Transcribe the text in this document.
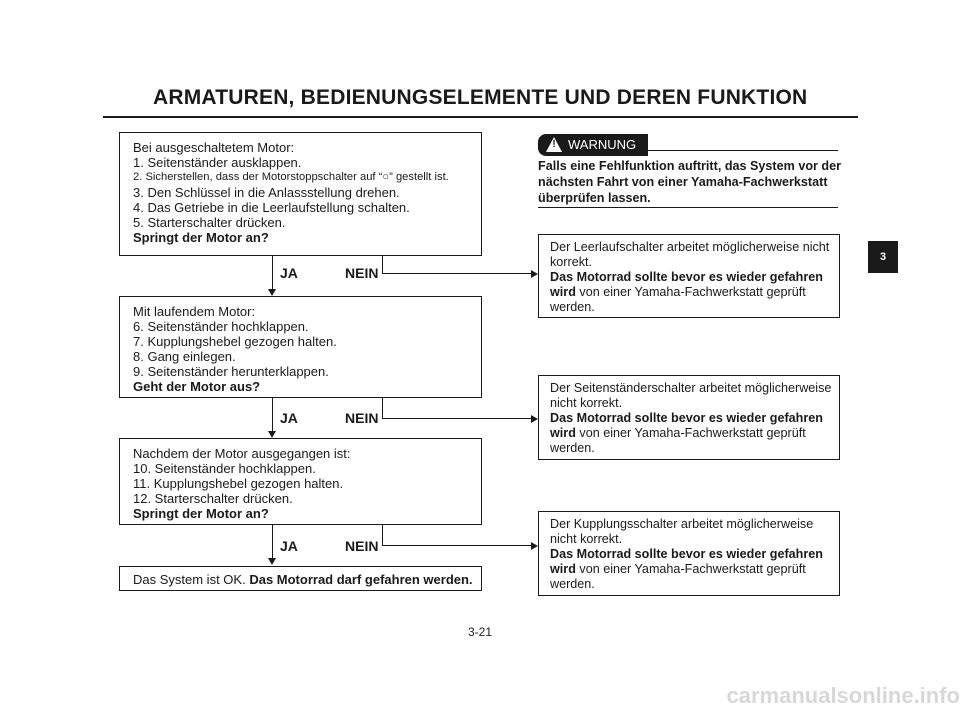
ARMATUREN, BEDIENUNGSELEMENTE UND DEREN FUNKTION
3
! WARNUNG
Falls eine Fehlfunktion auftritt, das System vor der nächsten Fahrt von einer Yamaha-Fachwerkstatt überprüfen lassen.
Bei ausgeschaltetem Motor:
1. Seitenständer ausklappen.
2. Sicherstellen, dass der Motorstoppschalter auf “○” gestellt ist.
3. Den Schlüssel in die Anlassstellung drehen.
4. Das Getriebe in die Leerlaufstellung schalten.
5. Starterschalter drücken.
Springt der Motor an?
JA	NEIN
Mit laufendem Motor:
6. Seitenständer hochklappen.
7. Kupplungshebel gezogen halten.
8. Gang einlegen.
9. Seitenständer herunterklappen.
Geht der Motor aus?
JA	NEIN
Nachdem der Motor ausgegangen ist:
10. Seitenständer hochklappen.
11. Kupplungshebel gezogen halten.
12. Starterschalter drücken.
Springt der Motor an?
JA	NEIN
Das System ist OK. Das Motorrad darf gefahren werden.
Der Leerlaufschalter arbeitet möglicherweise nicht
korrekt.
Das Motorrad sollte bevor es wieder gefahren
wird von einer Yamaha-Fachwerkstatt geprüft
werden.
Der Seitenständerschalter arbeitet möglicherweise
nicht korrekt.
Das Motorrad sollte bevor es wieder gefahren
wird von einer Yamaha-Fachwerkstatt geprüft
werden.
Der Kupplungsschalter arbeitet möglicherweise
nicht korrekt.
Das Motorrad sollte bevor es wieder gefahren
wird von einer Yamaha-Fachwerkstatt geprüft
werden.
3-21
carmanualsonline.info
